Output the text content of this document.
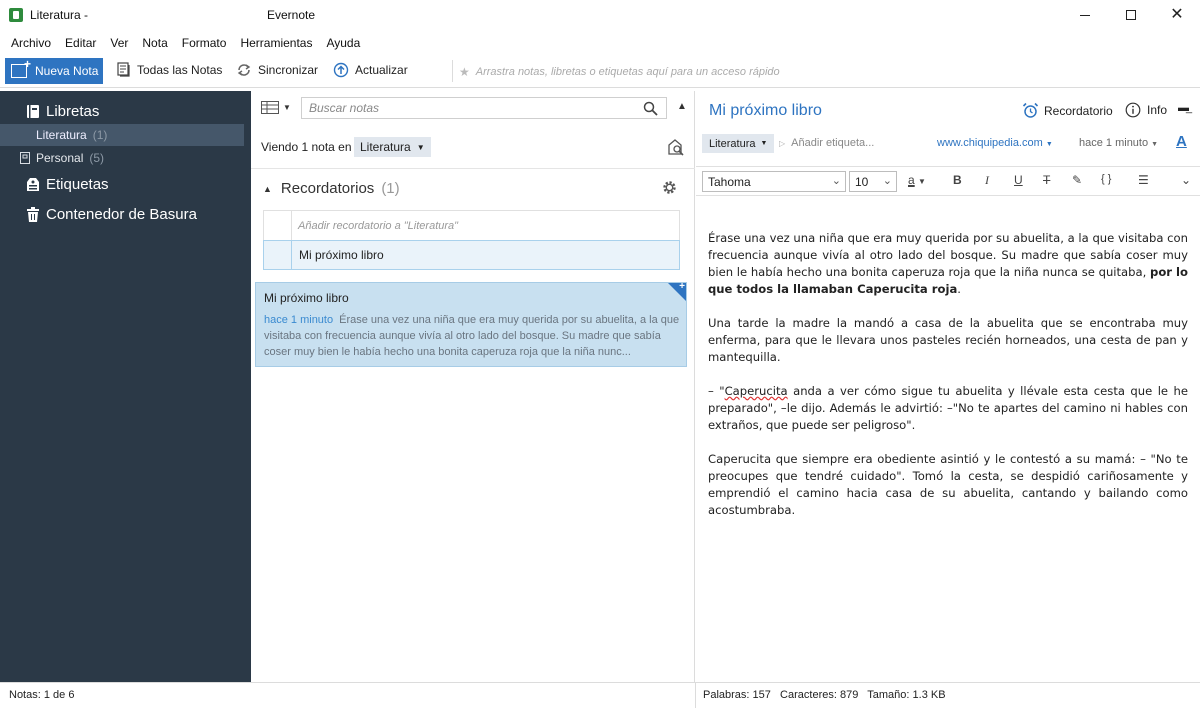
Literatura -	Evernote	✕
Archivo	Editar	Ver	Nota	Formato	Herramientas	Ayuda
+
Nueva Nota	Todas las Notas	Sincronizar	Actualizar	★ Arrastra notas, libretas o etiquetas aquí para un acceso rápido
Libretas
Literatura (1)
Personal (5)
Etiquetas
Contenedor de Basura
▼
Buscar notas	▲
Viendo 1 nota en Literatura ▼
▲ Recordatorios (1)
Añadir recordatorio a "Literatura"
Mi próximo libro
+
Mi próximo libro
hace 1 minuto Érase una vez una niña que era muy querida por su abuelita, a la que visitaba con frecuencia aunque vivía al otro lado del bosque. Su madre que sabía coser muy bien le había hecho una bonita caperuza roja que la niña nunc...
Mi próximo libro	Recordatorio	Info ▬̲
Literatura ▼ ▷ Añadir etiqueta...	www.chiquipedia.com ▼ hace 1 minuto ▼ A
Tahoma	⌄ 10 ⌄ a ▼ B I U T ✎ { } ☰	⌄

Érase una vez una niña que era muy querida por su abuelita, a la que visitaba con frecuencia aunque vivía al otro lado del bosque. Su madre que sabía coser muy bien le había hecho una bonita caperuza roja que la niña nunca se quitaba, por lo que todos la llamaban Caperucita roja.

Una tarde la madre la mandó a casa de la abuelita que se encontraba muy enferma, para que le llevara unos pasteles recién horneados, una cesta de pan y mantequilla.

– "Caperucita anda a ver cómo sigue tu abuelita y llévale esta cesta que le he preparado", –le dijo. Además le advirtió: –"No te apartes del camino ni hables con extraños, que puede ser peligroso".

Caperucita que siempre era obediente asintió y le contestó a su mamá: – "No te preocupes que tendré cuidado". Tomó la cesta, se despidió cariñosamente y emprendió el camino hacia casa de su abuelita, cantando y bailando como acostumbraba.

Notas: 1 de 6	Palabras: 157   Caracteres: 879   Tamaño: 1.3 KB
